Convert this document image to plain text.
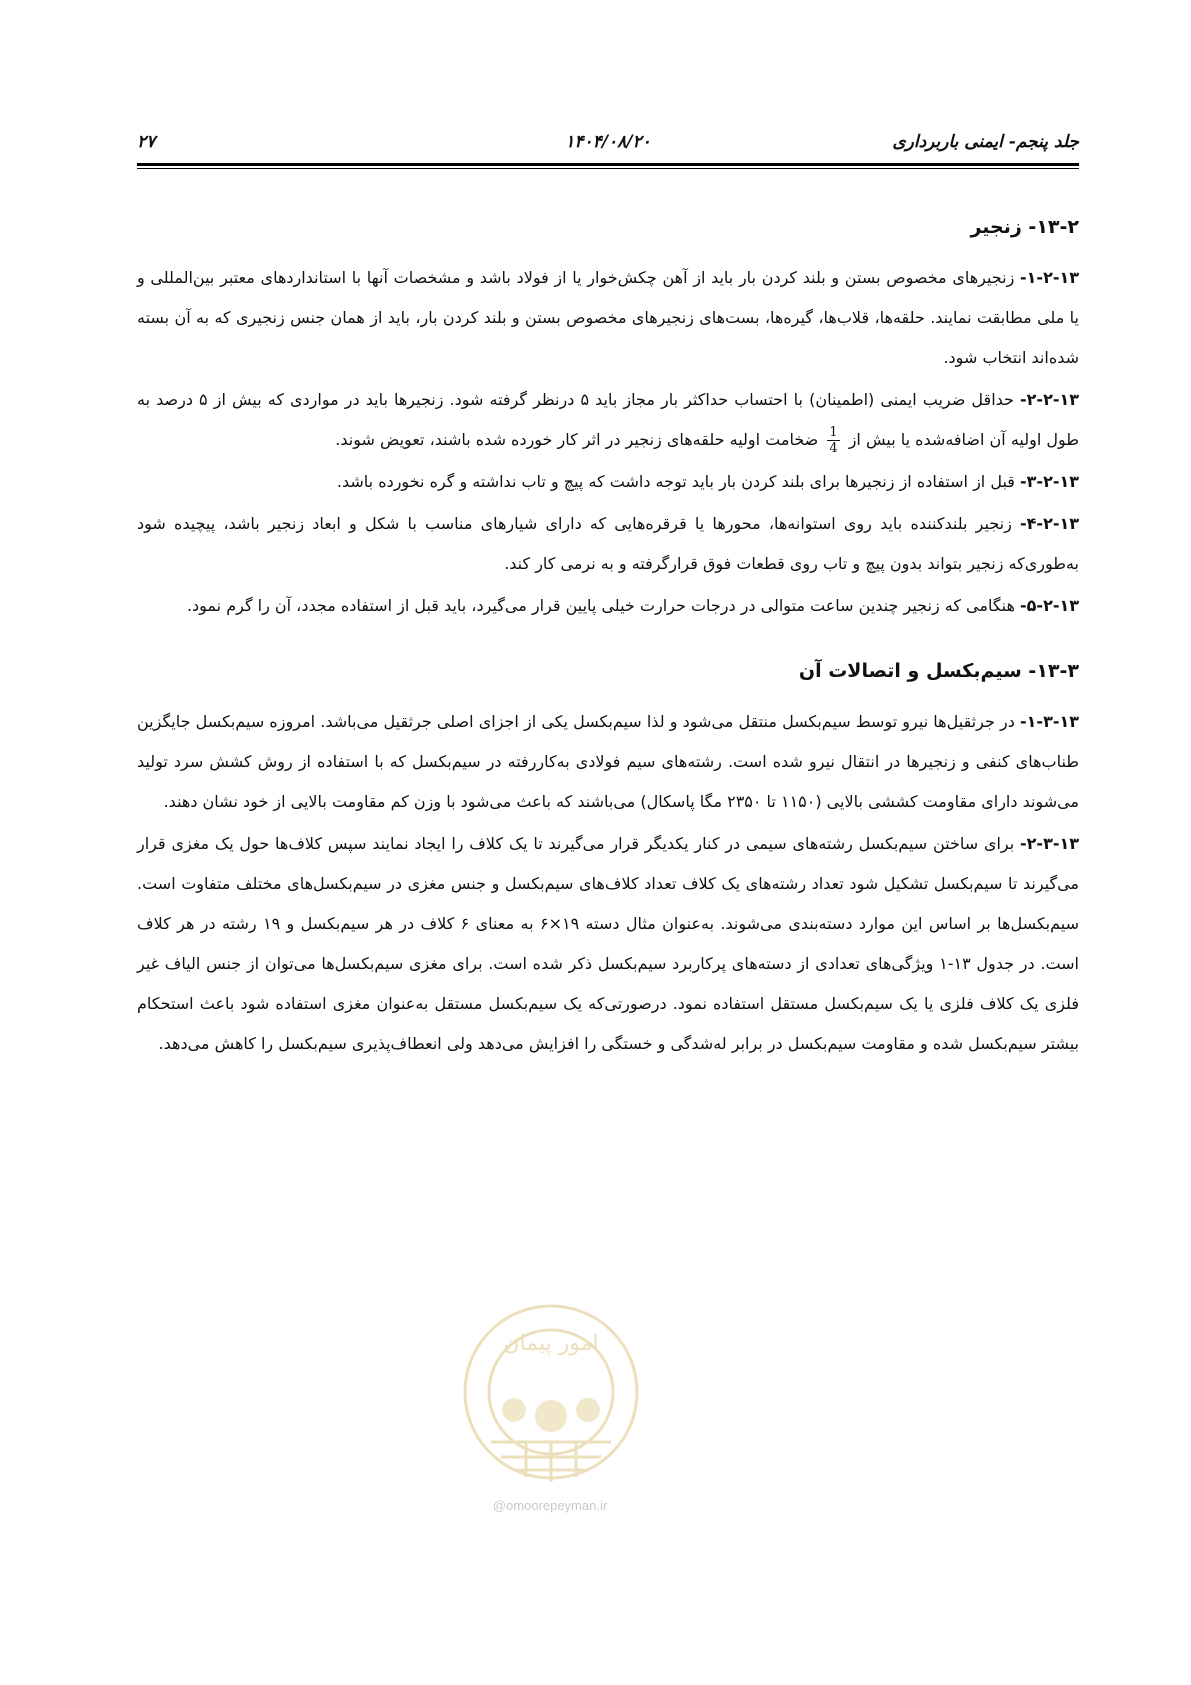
۲۷	۱۴۰۴/۰۸/۲۰	جلد پنجم- ایمنی باربرداری
۱۳-۲- زنجیر

۱-۲-۱۳- زنجیرهای مخصوص بستن و بلند کردن بار باید از آهن چکش‌خوار یا از فولاد باشد و مشخصات آنها با استانداردهای معتبر بین‌المللی و یا ملی مطابقت نمایند. حلقه‌ها، قلاب‌ها، گیره‌ها، بست‌های زنجیرهای مخصوص بستن و بلند کردن بار، باید از همان جنس زنجیری که به آن بسته شده‌اند انتخاب شود.

۲-۲-۱۳- حداقل ضریب ایمنی (اطمینان) با احتساب حداکثر بار مجاز باید ۵ درنظر گرفته شود. زنجیرها باید در مواردی که بیش از ۵ درصد به طول اولیه آن اضافه‌شده یا بیش از
$\frac{1}{4}$
ضخامت اولیه حلقه‌های زنجیر در اثر کار خورده شده باشند، تعویض شوند.

۳-۲-۱۳- قبل از استفاده از زنجیرها برای بلند کردن بار باید توجه داشت که پیچ و تاب نداشته و گره نخورده باشد.

۴-۲-۱۳- زنجیر بلندکننده باید روی استوانه‌ها، محورها یا قرقره‌هایی که دارای شیارهای مناسب با شکل و ابعاد زنجیر باشد، پیچیده شود به‌طوری‌که زنجیر بتواند بدون پیچ و تاب روی قطعات فوق قرارگرفته و به نرمی کار کند.

۵-۲-۱۳- هنگامی که زنجیر چندین ساعت متوالی در درجات حرارت خیلی پایین قرار می‌گیرد، باید قبل از استفاده مجدد، آن را گرم نمود.

۱۳-۳- سیم‌بکسل و اتصالات آن

۱-۳-۱۳- در جرثقیل‌ها نیرو توسط سیم‌بکسل منتقل می‌شود و لذا سیم‌بکسل یکی از اجزای اصلی جرثقیل می‌باشد. امروزه سیم‌بکسل جایگزین طناب‌های کنفی و زنجیرها در انتقال نیرو شده است. رشته‌های سیم فولادی به‌کاررفته در سیم‌بکسل که با استفاده از روش کشش سرد تولید می‌شوند دارای مقاومت کششی بالایی (۱۱۵۰ تا ۲۳۵۰ مگا پاسکال) می‌باشند که باعث می‌شود با وزن کم مقاومت بالایی از خود نشان دهند.

۲-۳-۱۳- برای ساختن سیم‌بکسل رشته‌های سیمی در کنار یکدیگر قرار می‌گیرند تا یک کلاف را ایجاد نمایند سپس کلاف‌ها حول یک مغزی قرار می‌گیرند تا سیم‌بکسل تشکیل شود تعداد رشته‌های یک کلاف تعداد کلاف‌های سیم‌بکسل و جنس مغزی در سیم‌بکسل‌های مختلف متفاوت است. سیم‌بکسل‌ها بر اساس این موارد دسته‌بندی می‌شوند. به‌عنوان مثال دسته ۱۹×۶ به معنای ۶ کلاف در هر سیم‌بکسل و ۱۹ رشته در هر کلاف است. در جدول ۱۳-۱ ویژگی‌های تعدادی از دسته‌های پرکاربرد سیم‌بکسل ذکر شده است. برای مغزی سیم‌بکسل‌ها می‌توان از جنس الیاف غیر فلزی یک کلاف فلزی یا یک سیم‌بکسل مستقل استفاده نمود. درصورتی‌که یک سیم‌بکسل مستقل به‌عنوان مغزی استفاده شود باعث استحکام بیشتر سیم‌بکسل شده و مقاومت سیم‌بکسل در برابر له‌شدگی و خستگی را افزایش می‌دهد ولی انعطاف‌پذیری سیم‌بکسل را کاهش می‌دهد.

امور پیمان
@omoorepeyman.ir
